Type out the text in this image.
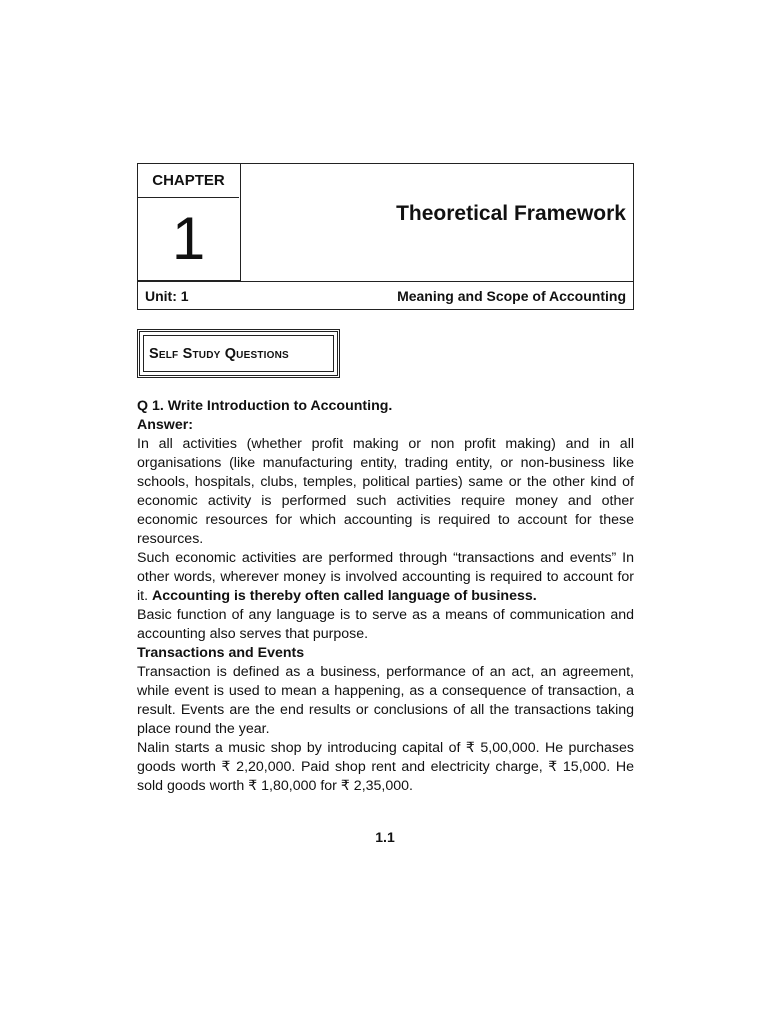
CHAPTER
1	Theoretical Framework
Unit: 1	Meaning and Scope of Accounting
Self Study Questions

Q 1. Write Introduction to Accounting.

Answer:

In all activities (whether profit making or non profit making) and in all organisations (like manufacturing entity, trading entity, or non-business like schools, hospitals, clubs, temples, political parties) same or the other kind of economic activity is performed such activities require money and other economic resources for which accounting is required to account for these resources.

Such economic activities are performed through “transactions and events” In other words, wherever money is involved accounting is required to account for it. Accounting is thereby often called language of business.

Basic function of any language is to serve as a means of communication and accounting also serves that purpose.

Transactions and Events

Transaction is defined as a business, performance of an act, an agreement, while event is used to mean a happening, as a consequence of transaction, a result. Events are the end results or conclusions of all the transactions taking place round the year.

Nalin starts a music shop by introducing capital of ₹ 5,00,000. He purchases goods worth ₹ 2,20,000. Paid shop rent and electricity charge, ₹ 15,000. He sold goods worth ₹ 1,80,000 for ₹ 2,35,000.

1.1
